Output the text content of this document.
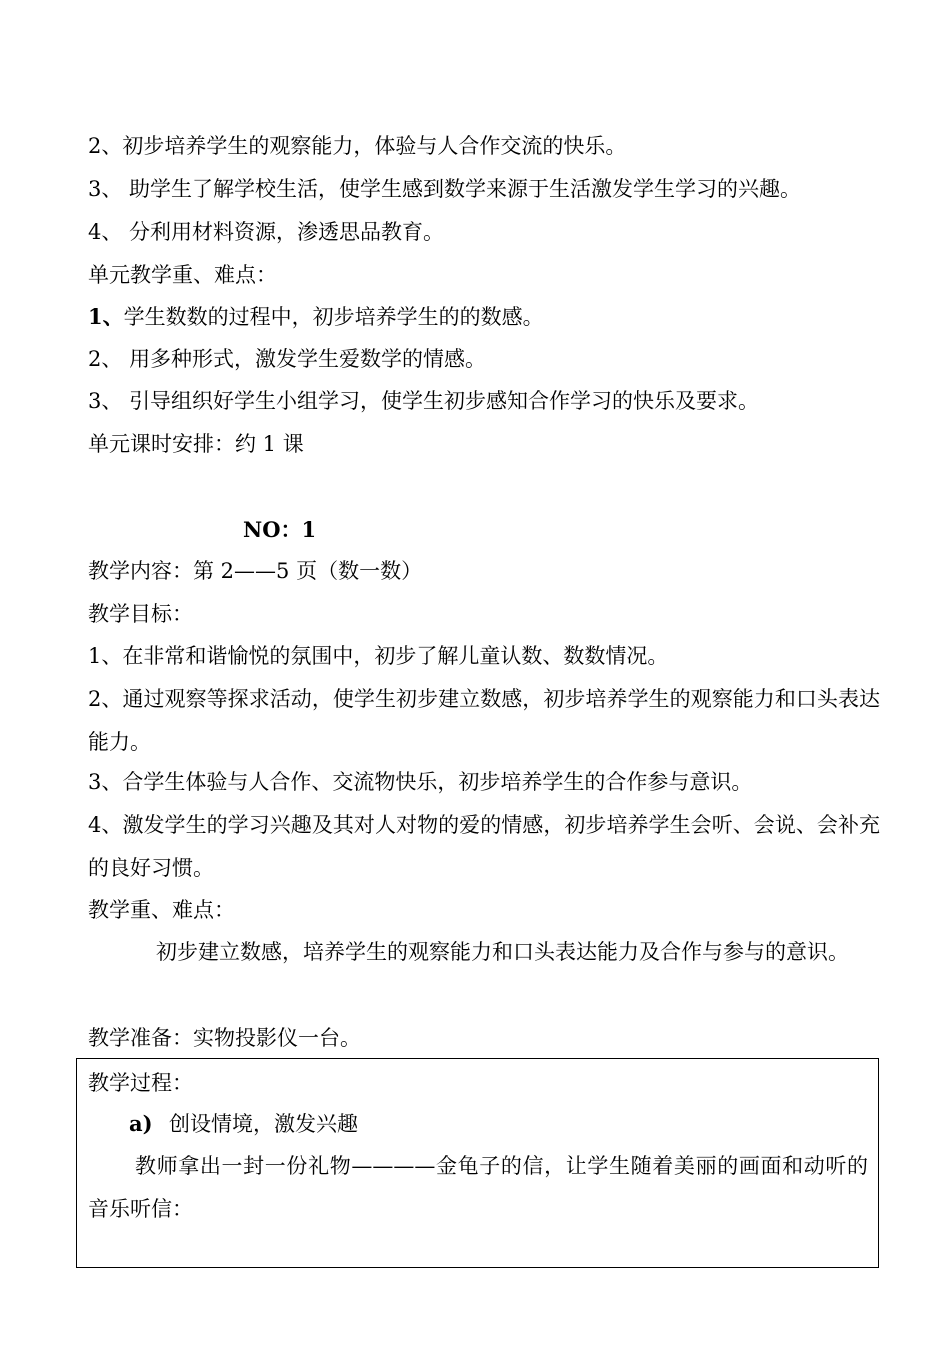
2、初步培养学生的观察能力，体验与人合作交流的快乐。
3、 助学生了解学校生活，使学生感到数学来源于生活激发学生学习的兴趣。
4、 分利用材料资源，渗透思品教育。
单元教学重、难点：
1、学生数数的过程中，初步培养学生的的数感。
2、 用多种形式，激发学生爱数学的情感。
3、 引导组织好学生小组学习，使学生初步感知合作学习的快乐及要求。
单元课时安排：约 1 课
NO：1
教学内容：第 2——5 页（数一数）
教学目标：
1、在非常和谐愉悦的氛围中，初步了解儿童认数、数数情况。
2、通过观察等探求活动，使学生初步建立数感，初步培养学生的观察能力和口头表达能力。
3、合学生体验与人合作、交流物快乐，初步培养学生的合作参与意识。
4、激发学生的学习兴趣及其对人对物的爱的情感，初步培养学生会听、会说、会补充的良好习惯。
教学重、难点：
初步建立数感，培养学生的观察能力和口头表达能力及合作与参与的意识。
教学准备：实物投影仪一台。
教学过程：
a) 创设情境，激发兴趣
教师拿出一封一份礼物————金龟子的信，让学生随着美丽的画面和动听的音乐听信：
